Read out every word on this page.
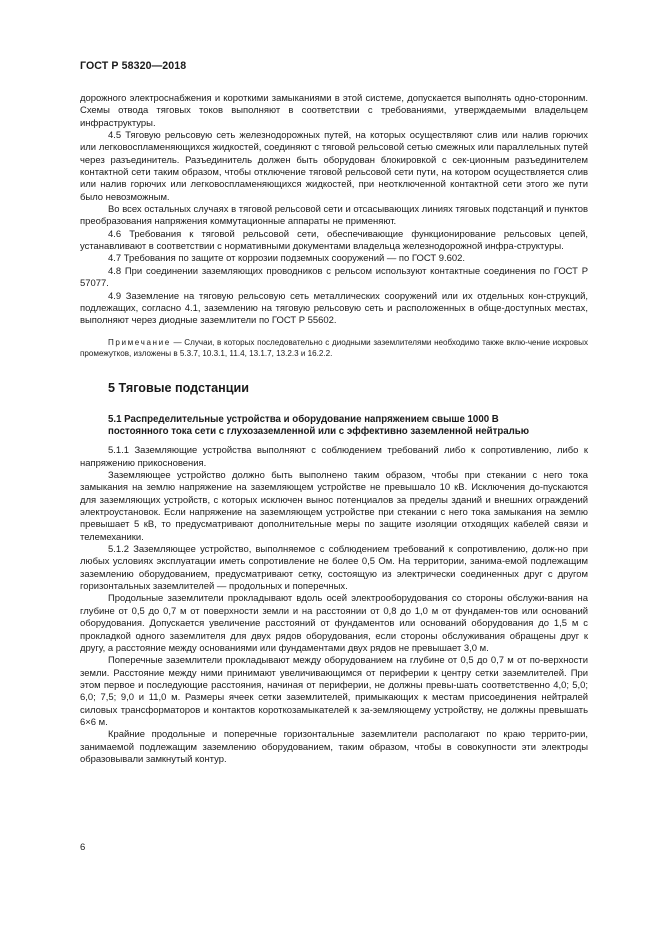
ГОСТ Р 58320—2018

дорожного электроснабжения и короткими замыканиями в этой системе, допускается выполнять одно-сторонним. Схемы отвода тяговых токов выполняют в соответствии с требованиями, утверждаемыми владельцем инфраструктуры.

4.5 Тяговую рельсовую сеть железнодорожных путей, на которых осуществляют слив или налив горючих или легковоспламеняющихся жидкостей, соединяют с тяговой рельсовой сетью смежных или параллельных путей через разъединитель. Разъединитель должен быть оборудован блокировкой с сек-ционным разъединителем контактной сети таким образом, чтобы отключение тяговой рельсовой сети пути, на котором осуществляется слив или налив горючих или легковоспламеняющихся жидкостей, при неотключенной контактной сети этого же пути было невозможным.

Во всех остальных случаях в тяговой рельсовой сети и отсасывающих линиях тяговых подстанций и пунктов преобразования напряжения коммутационные аппараты не применяют.

4.6 Требования к тяговой рельсовой сети, обеспечивающие функционирование рельсовых цепей, устанавливают в соответствии с нормативными документами владельца железнодорожной инфра-структуры.

4.7 Требования по защите от коррозии подземных сооружений — по ГОСТ 9.602.

4.8 При соединении заземляющих проводников с рельсом используют контактные соединения по ГОСТ Р 57077.

4.9 Заземление на тяговую рельсовую сеть металлических сооружений или их отдельных кон-струкций, подлежащих, согласно 4.1, заземлению на тяговую рельсовую сеть и расположенных в обще-доступных местах, выполняют через диодные заземлители по ГОСТ Р 55602.

Примечание — Случаи, в которых последовательно с диодными заземлителями необходимо также вклю-чение искровых промежутков, изложены в 5.3.7, 10.3.1, 11.4, 13.1.7, 13.2.3 и 16.2.2.

5 Тяговые подстанции
5.1 Распределительные устройства и оборудование напряжением свыше 1000 В
постоянного тока сети с глухозаземленной или с эффективно заземленной нейтралью

5.1.1 Заземляющие устройства выполняют с соблюдением требований либо к сопротивлению, либо к напряжению прикосновения.

Заземляющее устройство должно быть выполнено таким образом, чтобы при стекании с него тока замыкания на землю напряжение на заземляющем устройстве не превышало 10 кВ. Исключения до-пускаются для заземляющих устройств, с которых исключен вынос потенциалов за пределы зданий и внешних ограждений электроустановок. Если напряжение на заземляющем устройстве при стекании с него тока замыкания на землю превышает 5 кВ, то предусматривают дополнительные меры по защите изоляции отходящих кабелей связи и телемеханики.

5.1.2 Заземляющее устройство, выполняемое с соблюдением требований к сопротивлению, долж-но при любых условиях эксплуатации иметь сопротивление не более 0,5 Ом. На территории, занима-емой подлежащим заземлению оборудованием, предусматривают сетку, состоящую из электрически соединенных друг с другом горизонтальных заземлителей — продольных и поперечных.

Продольные заземлители прокладывают вдоль осей электрооборудования со стороны обслужи-вания на глубине от 0,5 до 0,7 м от поверхности земли и на расстоянии от 0,8 до 1,0 м от фундамен-тов или оснований оборудования. Допускается увеличение расстояний от фундаментов или оснований оборудования до 1,5 м с прокладкой одного заземлителя для двух рядов оборудования, если стороны обслуживания обращены друг к другу, а расстояние между основаниями или фундаментами двух рядов не превышает 3,0 м.

Поперечные заземлители прокладывают между оборудованием на глубине от 0,5 до 0,7 м от по-верхности земли. Расстояние между ними принимают увеличивающимся от периферии к центру сетки заземлителей. При этом первое и последующие расстояния, начиная от периферии, не должны превы-шать соответственно 4,0; 5,0; 6,0; 7,5; 9,0 и 11,0 м. Размеры ячеек сетки заземлителей, примыкающих к местам присоединения нейтралей силовых трансформаторов и контактов короткозамыкателей к за-земляющему устройству, не должны превышать 6×6 м.

Крайние продольные и поперечные горизонтальные заземлители располагают по краю террито-рии, занимаемой подлежащим заземлению оборудованием, таким образом, чтобы в совокупности эти электроды образовывали замкнутый контур.

6
